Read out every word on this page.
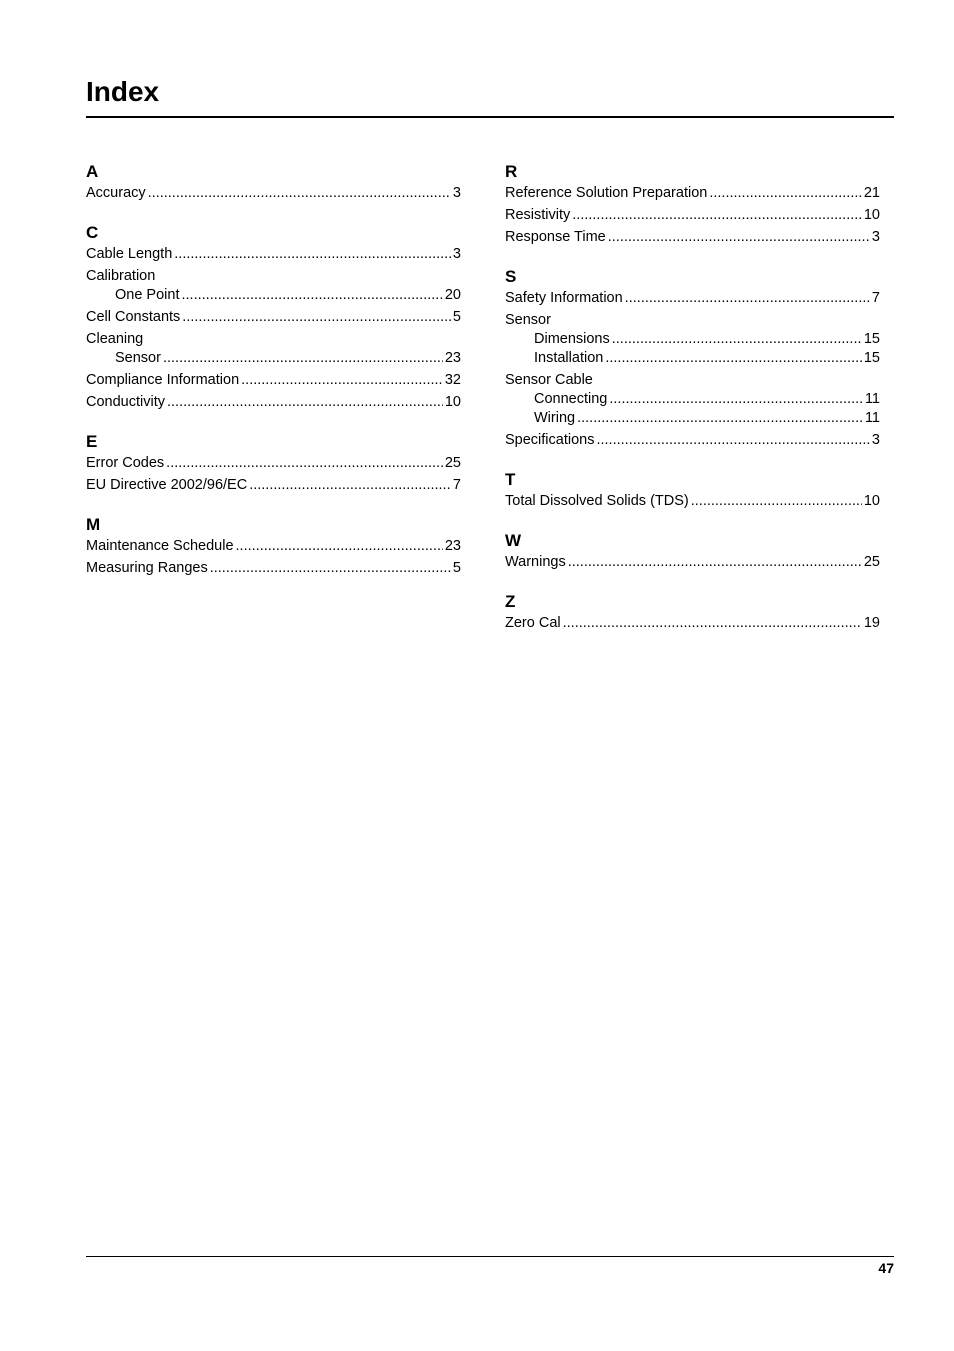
Index
A
Accuracy .....	3
C
Cable Length .....	3
Calibration
One Point .....	20
Cell Constants .....	5
Cleaning
Sensor .....	23
Compliance Information .....	32
Conductivity .....	10
E
Error Codes .....	25
EU Directive 2002/96/EC .....	7
M
Maintenance Schedule .....	23
Measuring Ranges .....	5
R
Reference Solution Preparation .....	21
Resistivity .....	10
Response Time .....	3
S
Safety Information .....	7
Sensor
Dimensions .....	15
Installation .....	15
Sensor Cable
Connecting .....	11
Wiring .....	11
Specifications .....	3
T
Total Dissolved Solids (TDS) .....	10
W
Warnings .....	25
Z
Zero Cal .....	19
47
